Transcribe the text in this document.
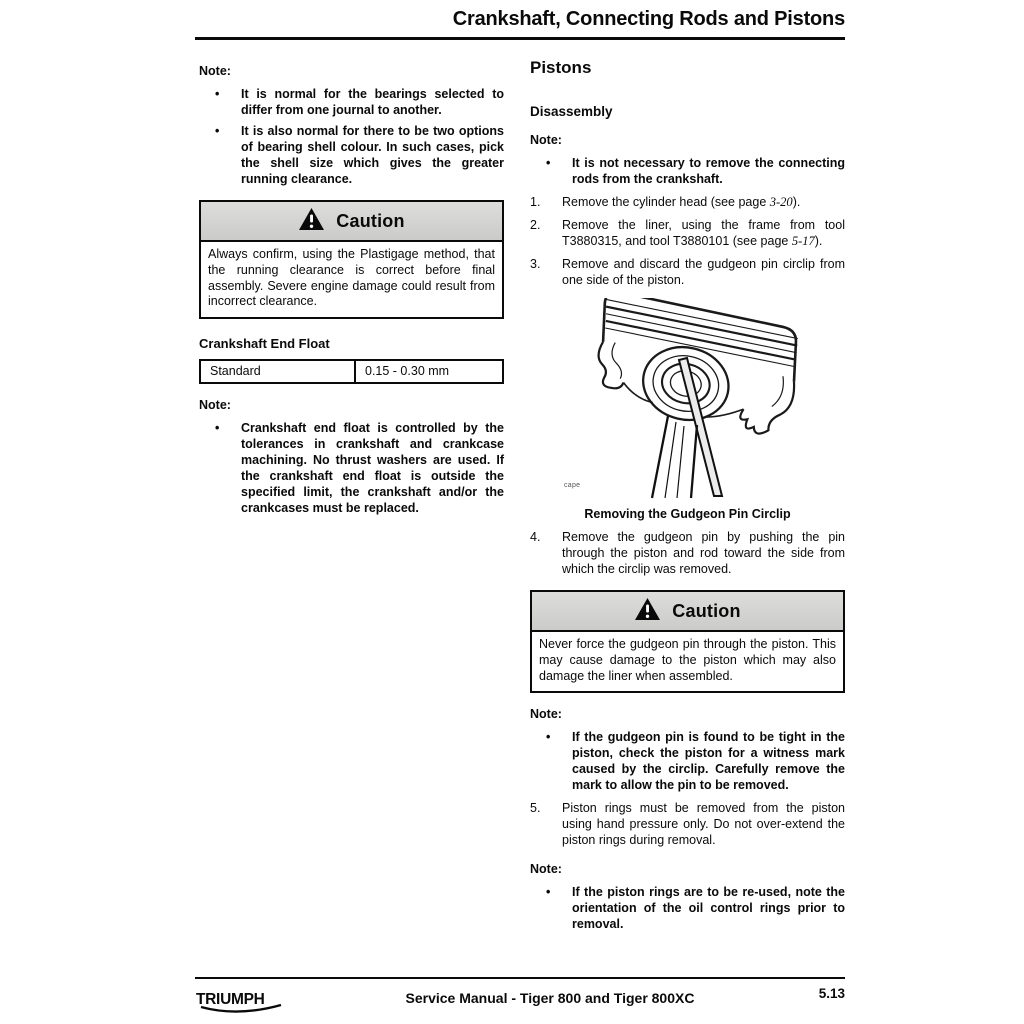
Crankshaft, Connecting Rods and Pistons
Note:
•	It is normal for the bearings selected to differ from one journal to another.

•	It is also normal for there to be two options of bearing shell colour. In such cases, pick the shell size which gives the greater running clearance.

Caution

Always confirm, using the Plastigage method, that the running clearance is correct before final assembly. Severe engine damage could result from incorrect clearance.

Crankshaft End Float
Standard	0.15 - 0.30 mm
Note:
•	Crankshaft end float is controlled by the tolerances in crankshaft and crankcase machining. No thrust washers are used. If the crankshaft end float is outside the specified limit, the crankshaft and/or the crankcases must be replaced.

Pistons
Disassembly
Note:
•	It is not necessary to remove the connecting rods from the crankshaft.

1.	Remove the cylinder head (see page 3-20).

2.	Remove the liner, using the frame from tool T3880315, and tool T3880101 (see page 5-17).

3.	Remove and discard the gudgeon pin circlip from one side of the piston.

cape
Removing the Gudgeon Pin Circlip
4.	Remove the gudgeon pin by pushing the pin through the piston and rod toward the side from which the circlip was removed.

Caution

Never force the gudgeon pin through the piston. This may cause damage to the piston which may also damage the liner when assembled.

Note:
•	If the gudgeon pin is found to be tight in the piston, check the piston for a witness mark caused by the circlip. Carefully remove the mark to allow the pin to be removed.

5.	Piston rings must be removed from the piston using hand pressure only. Do not over-extend the piston rings during removal.

Note:
•	If the piston rings are to be re-used, note the orientation of the oil control rings prior to removal.

TRIUMPH	Service Manual - Tiger 800 and Tiger 800XC	5.13
